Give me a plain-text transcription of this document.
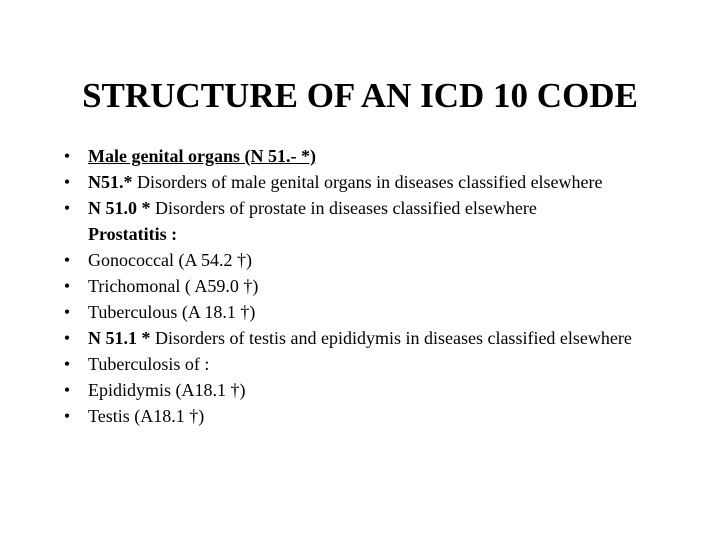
STRUCTURE OF AN ICD 10 CODE
• Male genital organs (N 51.- *)
• N51.* Disorders of male genital organs in diseases classified elsewhere
• N 51.0 * Disorders of prostate in diseases classified elsewhere
Prostatitis :
• Gonococcal (A 54.2 †)
• Trichomonal ( A59.0 †)
• Tuberculous (A 18.1 †)
• N 51.1 * Disorders of testis and epididymis in diseases classified elsewhere
• Tuberculosis of :
• Epididymis (A18.1 †)
• Testis (A18.1 †)
